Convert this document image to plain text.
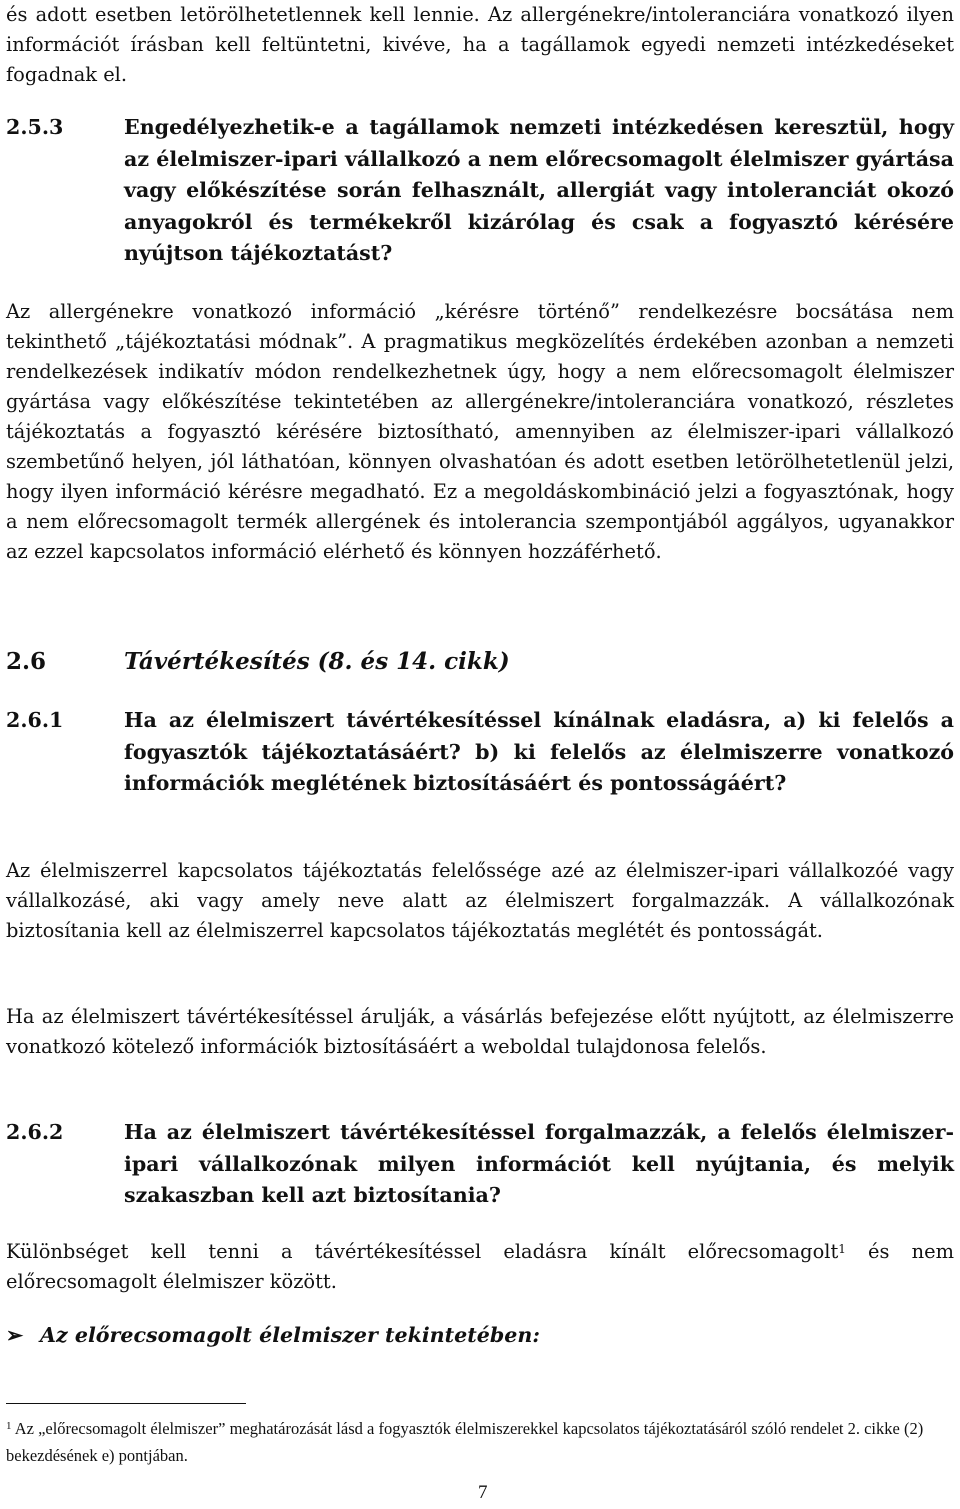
és adott esetben letörölhetetlennek kell lennie. Az allergénekre/intoleranciára vonatkozó ilyen információt írásban kell feltüntetni, kivéve, ha a tagállamok egyedi nemzeti intézkedéseket fogadnak el.

2.5.3	Engedélyezhetik-e a tagállamok nemzeti intézkedésen keresztül, hogy az élelmiszer-ipari vállalkozó a nem előrecsomagolt élelmiszer gyártása vagy előkészítése során felhasznált, allergiát vagy intoleranciát okozó anyagokról és termékekről kizárólag és csak a fogyasztó kérésére nyújtson tájékoztatást?

Az allergénekre vonatkozó információ „kérésre történő” rendelkezésre bocsátása nem tekinthető „tájékoztatási módnak”. A pragmatikus megközelítés érdekében azonban a nemzeti rendelkezések indikatív módon rendelkezhetnek úgy, hogy a nem előrecsomagolt élelmiszer gyártása vagy előkészítése tekintetében az allergénekre/intoleranciára vonatkozó, részletes tájékoztatás a fogyasztó kérésére biztosítható, amennyiben az élelmiszer-ipari vállalkozó szembetűnő helyen, jól láthatóan, könnyen olvashatóan és adott esetben letörölhetetlenül jelzi, hogy ilyen információ kérésre megadható. Ez a megoldáskombináció jelzi a fogyasztónak, hogy a nem előrecsomagolt termék allergének és intolerancia szempontjából aggályos, ugyanakkor az ezzel kapcsolatos információ elérhető és könnyen hozzáférhető.

2.6	Távértékesítés (8. és 14. cikk)
2.6.1	Ha az élelmiszert távértékesítéssel kínálnak eladásra, a) ki felelős a fogyasztók tájékoztatásáért? b) ki felelős az élelmiszerre vonatkozó információk meglétének biztosításáért és pontosságáért?

Az élelmiszerrel kapcsolatos tájékoztatás felelőssége azé az élelmiszer-ipari vállalkozóé vagy vállalkozásé, aki vagy amely neve alatt az élelmiszert forgalmazzák. A vállalkozónak biztosítania kell az élelmiszerrel kapcsolatos tájékoztatás meglétét és pontosságát.

Ha az élelmiszert távértékesítéssel árulják, a vásárlás befejezése előtt nyújtott, az élelmiszerre vonatkozó kötelező információk biztosításáért a weboldal tulajdonosa felelős.

2.6.2	Ha az élelmiszert távértékesítéssel forgalmazzák, a felelős élelmiszer-ipari vállalkozónak milyen információt kell nyújtania, és melyik szakaszban kell azt biztosítania?

Különbséget kell tenni a távértékesítéssel eladásra kínált előrecsomagolt$^1$ és nem előrecsomagolt élelmiszer között.

➢ Az előrecsomagolt élelmiszer tekintetében:
$^1$ Az „előrecsomagolt élelmiszer” meghatározását lásd a fogyasztók élelmiszerekkel kapcsolatos tájékoztatásáról szóló rendelet 2. cikke (2) bekezdésének e) pontjában.
7
